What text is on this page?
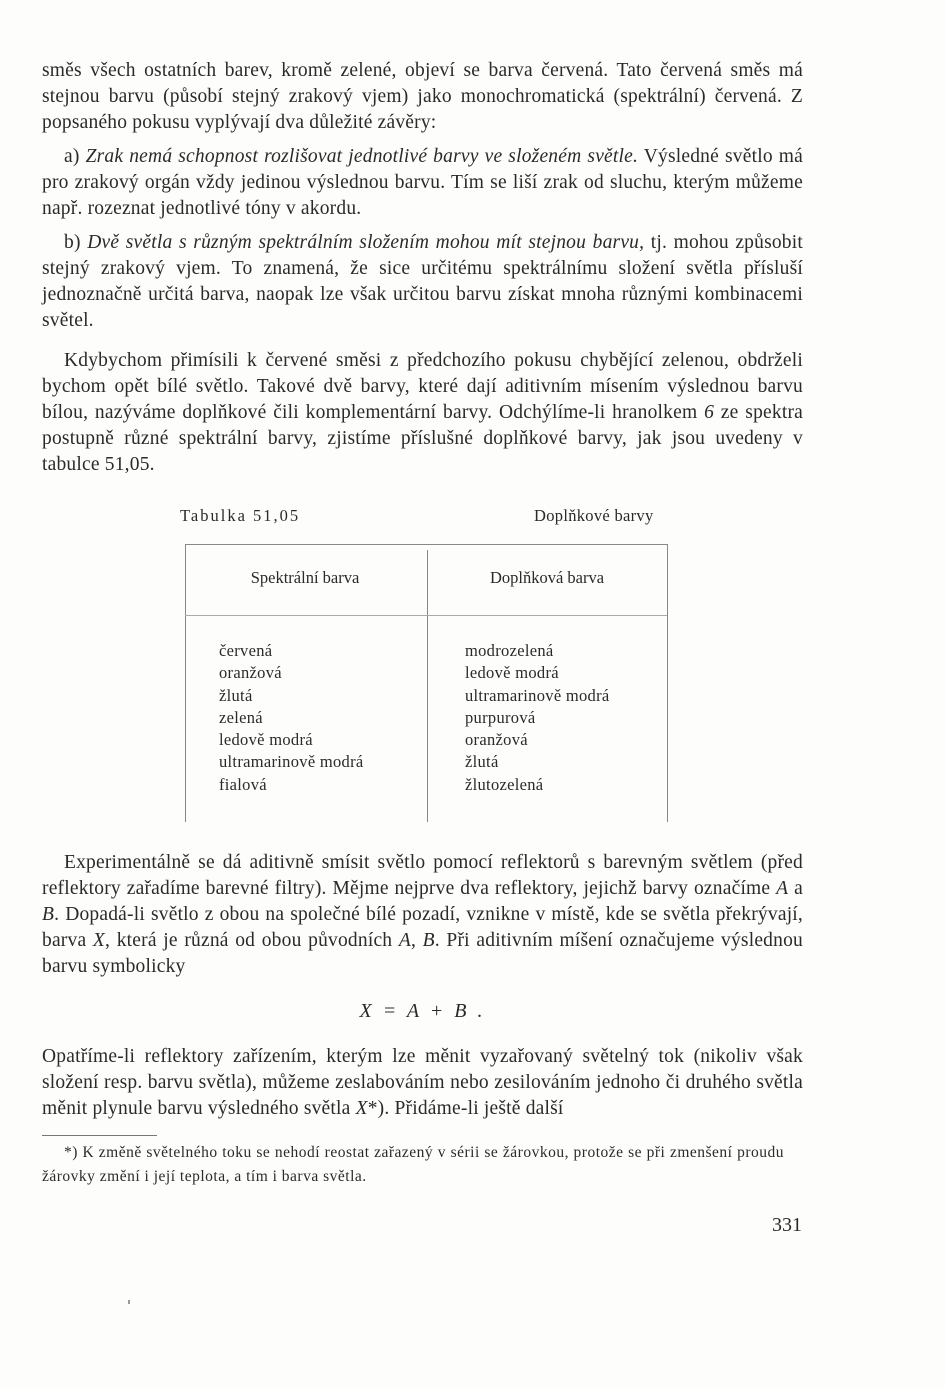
směs všech ostatních barev, kromě zelené, objeví se barva červená. Tato červená směs má stejnou barvu (působí stejný zrakový vjem) jako monochromatická (spektrální) červená. Z popsaného pokusu vyplývají dva důležité závěry:

a) Zrak nemá schopnost rozlišovat jednotlivé barvy ve složeném světle. Výsledné světlo má pro zrakový orgán vždy jedinou výslednou barvu. Tím se liší zrak od sluchu, kterým můžeme např. rozeznat jednotlivé tóny v akordu.

b) Dvě světla s různým spektrálním složením mohou mít stejnou barvu, tj. mohou způsobit stejný zrakový vjem. To znamená, že sice určitému spektrálnímu složení světla přísluší jednoznačně určitá barva, naopak lze však určitou barvu získat mnoha různými kombinacemi světel.

Kdybychom přimísili k červené směsi z předchozího pokusu chybějící zelenou, obdrželi bychom opět bílé světlo. Takové dvě barvy, které dají aditivním mísením výslednou barvu bílou, nazýváme doplňkové čili komplementární barvy. Odchýlíme-li hranolkem 6 ze spektra postupně různé spektrální barvy, zjistíme příslušné doplňkové barvy, jak jsou uvedeny v tabulce 51,05.

Tabulka 51,05	Doplňkové barvy
Spektrální barva	Doplňková barva
červená
oranžová
žlutá
zelená
ledově modrá
ultramarinově modrá
fialová
modrozelená
ledově modrá
ultramarinově modrá
purpurová
oranžová
žlutá
žlutozelená

Experimentálně se dá aditivně smísit světlo pomocí reflektorů s barevným světlem (před reflektory zařadíme barevné filtry). Mějme nejprve dva reflektory, jejichž barvy označíme A a B. Dopadá-li světlo z obou na společné bílé pozadí, vznikne v místě, kde se světla překrývají, barva X, která je různá od obou původních A, B. Při aditivním míšení označujeme výslednou barvu symbolicky

X = A + B .

Opatříme-li reflektory zařízením, kterým lze měnit vyzařovaný světelný tok (nikoliv však složení resp. barvu světla), můžeme zeslabováním nebo zesilováním jednoho či druhého světla měnit plynule barvu výsledného světla X*). Přidáme-li ještě další

*) K změně světelného toku se nehodí reostat zařazený v sérii se žárovkou, protože se při zmenšení proudu žárovky změní i její teplota, a tím i barva světla.

331
